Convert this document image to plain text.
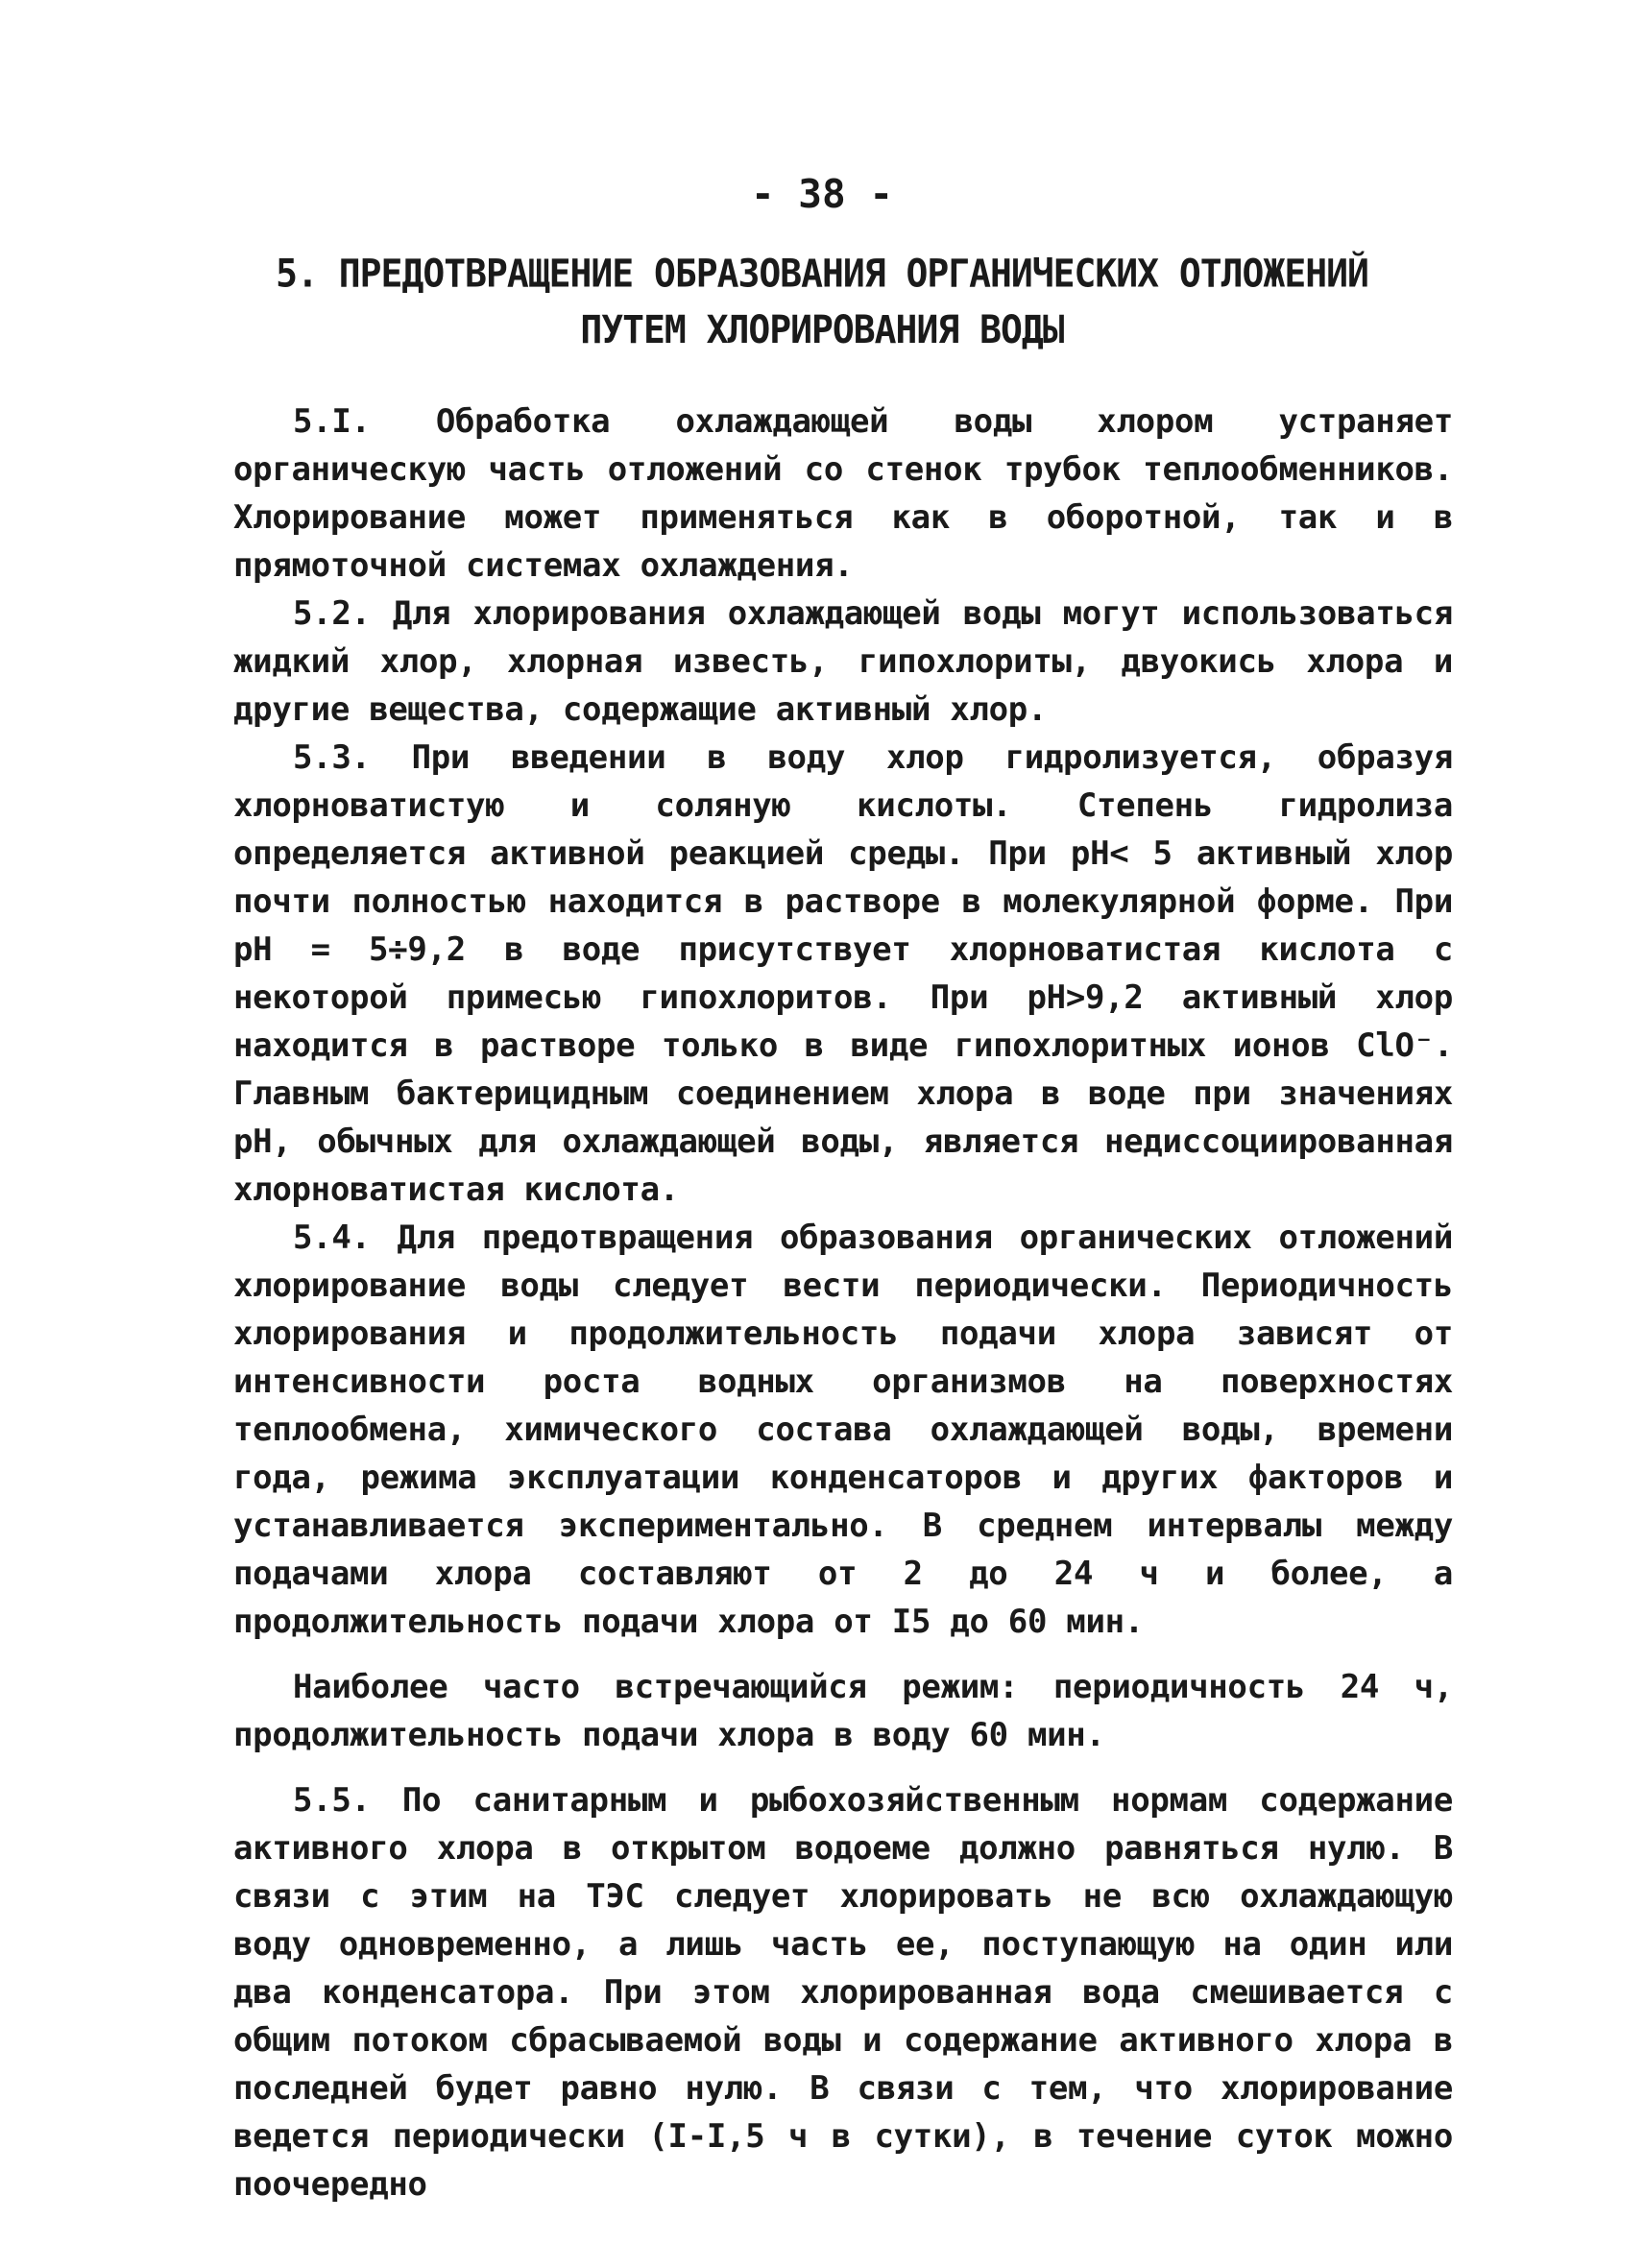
- 38 -

5. ПРЕДОТВРАЩЕНИЕ ОБРАЗОВАНИЯ ОРГАНИЧЕСКИХ ОТЛОЖЕНИЙ
ПУТЕМ ХЛОРИРОВАНИЯ ВОДЫ

5.I. Обработка охлаждающей воды хлором устраняет органическую часть отложений со стенок трубок теплообменников. Хлорирование может применяться как в оборотной, так и в прямоточной системах охлаждения.

5.2. Для хлорирования охлаждающей воды могут использоваться жидкий хлор, хлорная известь, гипохлориты, двуокись хлора и другие вещества, содержащие активный хлор.

5.3. При введении в воду хлор гидролизуется, образуя хлорноватистую и соляную кислоты. Степень гидролиза определяется активной реакцией среды. При pH< 5 активный хлор почти полностью находится в растворе в молекулярной форме. При pH = 5÷9,2 в воде присутствует хлорноватистая кислота с некоторой примесью гипохлоритов. При pH>9,2 активный хлор находится в растворе только в виде гипохлоритных ионов ClO⁻. Главным бактерицидным соединением хлора в воде при значениях pH, обычных для охлаждающей воды, является недиссоциированная хлорноватистая кислота.

5.4. Для предотвращения образования органических отложений хлорирование воды следует вести периодически. Периодичность хлорирования и продолжительность подачи хлора зависят от интенсивности роста водных организмов на поверхностях теплообмена, химического состава охлаждающей воды, времени года, режима эксплуатации конденсаторов и других факторов и устанавливается экспериментально. В среднем интервалы между подачами хлора составляют от 2 до 24 ч и более, а продолжительность подачи хлора от I5 до 60 мин.

Наиболее часто встречающийся режим: периодичность 24 ч, продолжительность подачи хлора в воду 60 мин.

5.5. По санитарным и рыбохозяйственным нормам содержание активного хлора в открытом водоеме должно равняться нулю. В связи с этим на ТЭС следует хлорировать не всю охлаждающую воду одновременно, а лишь часть ее, поступающую на один или два конденсатора. При этом хлорированная вода смешивается с общим потоком сбрасываемой воды и содержание активного хлора в последней будет равно нулю. В связи с тем, что хлорирование ведется периодически (I-I,5 ч в сутки), в течение суток можно поочередно
